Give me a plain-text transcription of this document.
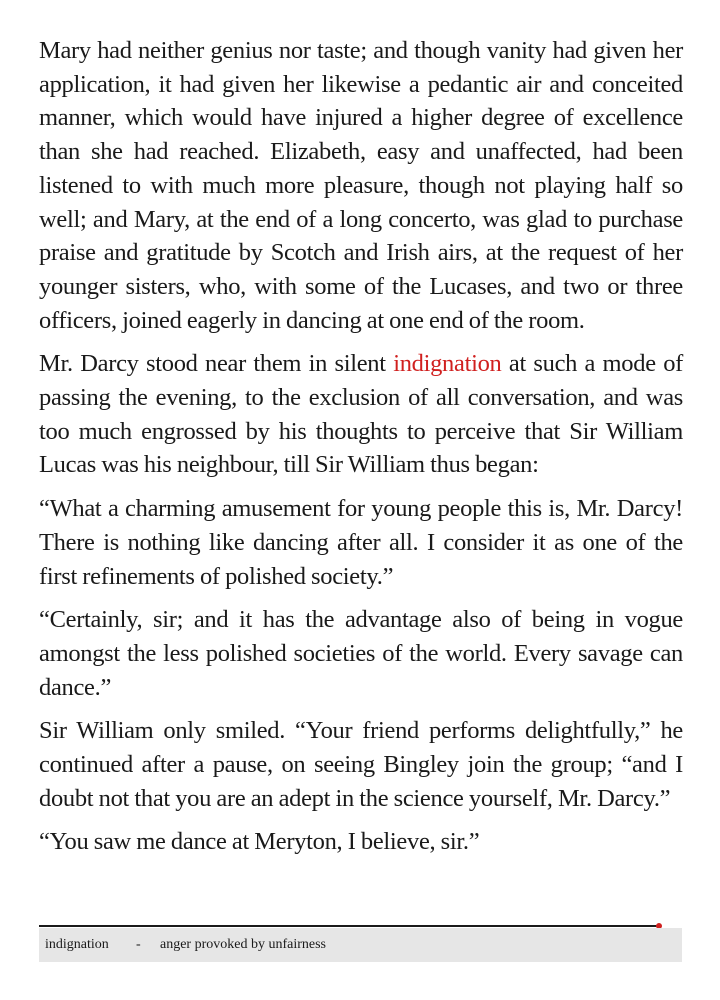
Mary had neither genius nor taste; and though vanity had given her application, it had given her likewise a pedantic air and conceited manner, which would have injured a higher degree of excellence than she had reached. Elizabeth, easy and unaffected, had been listened to with much more pleasure, though not playing half so well; and Mary, at the end of a long concerto, was glad to purchase praise and gratitude by Scotch and Irish airs, at the request of her younger sisters, who, with some of the Lucases, and two or three officers, joined eagerly in dancing at one end of the room.

Mr. Darcy stood near them in silent indignation at such a mode of passing the evening, to the exclusion of all conversation, and was too much engrossed by his thoughts to perceive that Sir William Lucas was his neighbour, till Sir William thus began:

“What a charming amusement for young people this is, Mr. Darcy! There is nothing like dancing after all. I consider it as one of the first refinements of polished society.”

“Certainly, sir; and it has the advantage also of being in vogue amongst the less polished societies of the world. Every savage can dance.”

Sir William only smiled. “Your friend performs delightfully,” he continued after a pause, on seeing Bingley join the group; “and I doubt not that you are an adept in the science yourself, Mr. Darcy.”

“You saw me dance at Meryton, I believe, sir.”

indignation - anger provoked by unfairness
